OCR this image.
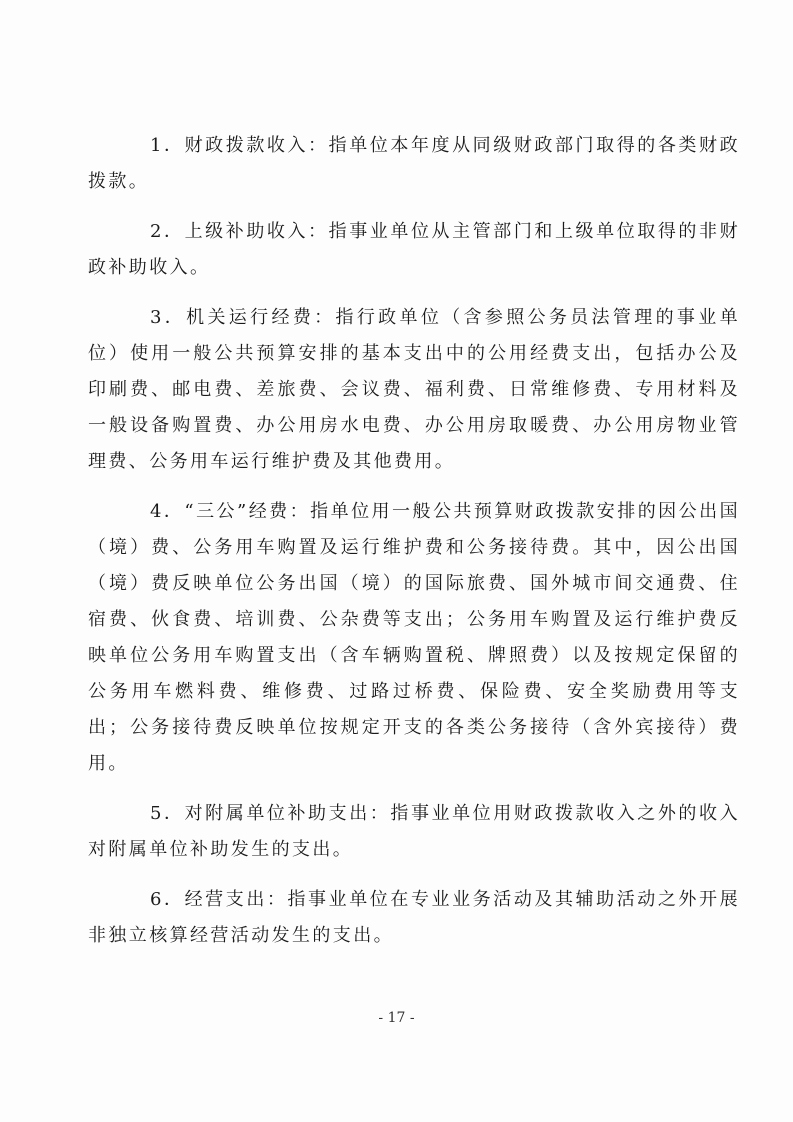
1．财政拨款收入：指单位本年度从同级财政部门取得的各类财政拨款。

2．上级补助收入：指事业单位从主管部门和上级单位取得的非财政补助收入。

3．机关运行经费：指行政单位（含参照公务员法管理的事业单位）使用一般公共预算安排的基本支出中的公用经费支出，包括办公及印刷费、邮电费、差旅费、会议费、福利费、日常维修费、专用材料及一般设备购置费、办公用房水电费、办公用房取暖费、办公用房物业管理费、公务用车运行维护费及其他费用。

4．“三公”经费：指单位用一般公共预算财政拨款安排的因公出国（境）费、公务用车购置及运行维护费和公务接待费。其中，因公出国（境）费反映单位公务出国（境）的国际旅费、国外城市间交通费、住宿费、伙食费、培训费、公杂费等支出；公务用车购置及运行维护费反映单位公务用车购置支出（含车辆购置税、牌照费）以及按规定保留的公务用车燃料费、维修费、过路过桥费、保险费、安全奖励费用等支出；公务接待费反映单位按规定开支的各类公务接待（含外宾接待）费用。

5．对附属单位补助支出：指事业单位用财政拨款收入之外的收入对附属单位补助发生的支出。

6．经营支出：指事业单位在专业业务活动及其辅助活动之外开展非独立核算经营活动发生的支出。

- 17 -
